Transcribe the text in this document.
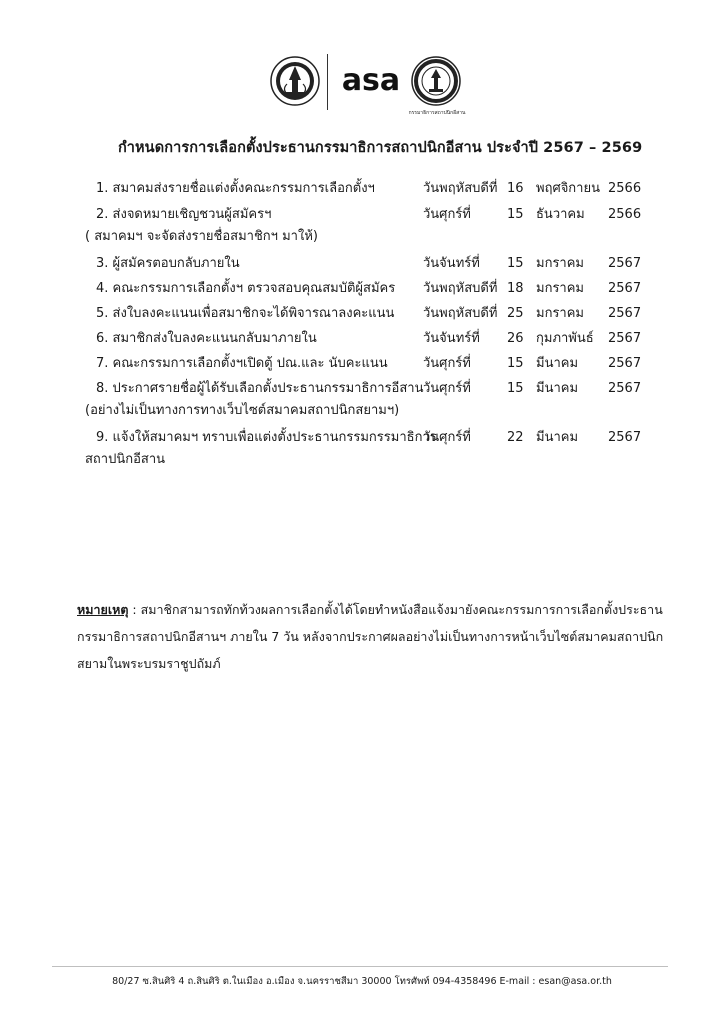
asa
กรรมาธิการสถาปนิกอีสาน
กำหนดการการเลือกตั้งประธานกรรมาธิการสถาปนิกอีสาน ประจำปี 2567 – 2569
1. สมาคมส่งรายชื่อแต่งตั้งคณะกรรมการเลือกตั้งฯ	วันพฤหัสบดีที่ 16 พฤศจิกายน 2566
2. ส่งจดหมายเชิญชวนผู้สมัครฯ
( สมาคมฯ จะจัดส่งรายชื่อสมาชิกฯ มาให้)
วันศุกร์ที่	15 ธันวาคม 2566
3. ผู้สมัครตอบกลับภายใน	วันจันทร์ที่ 15 มกราคม 2567
4. คณะกรรมการเลือกตั้งฯ ตรวจสอบคุณสมบัติผู้สมัคร วันพฤหัสบดีที่ 18 มกราคม 2567
5. ส่งใบลงคะแนนเพื่อสมาชิกจะได้พิจารณาลงคะแนน วันพฤหัสบดีที่ 25 มกราคม 2567
6. สมาชิกส่งใบลงคะแนนกลับมาภายใน	วันจันทร์ที่ 26 กุมภาพันธ์ 2567
7. คณะกรรมการเลือกตั้งฯเปิดตู้ ปณ.และ นับคะแนน	วันศุกร์ที่	15 มีนาคม 2567
8. ประกาศรายชื่อผู้ได้รับเลือกตั้งประธานกรรมาธิการอีสาน
(อย่างไม่เป็นทางการทางเว็บไซต์สมาคมสถาปนิกสยามฯ)
วันศุกร์ที่	15 มีนาคม 2567
9. แจ้งให้สมาคมฯ ทราบเพื่อแต่งตั้งประธานกรรมกรรมาธิการ
สถาปนิกอีสาน
วันศุกร์ที่	22 มีนาคม 2567
หมายเหตุ : สมาชิกสามารถทักท้วงผลการเลือกตั้งได้โดยทำหนังสือแจ้งมายังคณะกรรมการการเลือกตั้งประธาน
กรรมาธิการสถาปนิกอีสานฯ ภายใน 7 วัน หลังจากประกาศผลอย่างไม่เป็นทางการหน้าเว็บไซต์สมาคมสถาปนิก
สยามในพระบรมราชูปถัมภ์
80/27 ซ.สินศิริ 4 ถ.สินศิริ ต.ในเมือง อ.เมือง จ.นครราชสีมา 30000 โทรศัพท์ 094-4358496 E-mail : esan@asa.or.th
